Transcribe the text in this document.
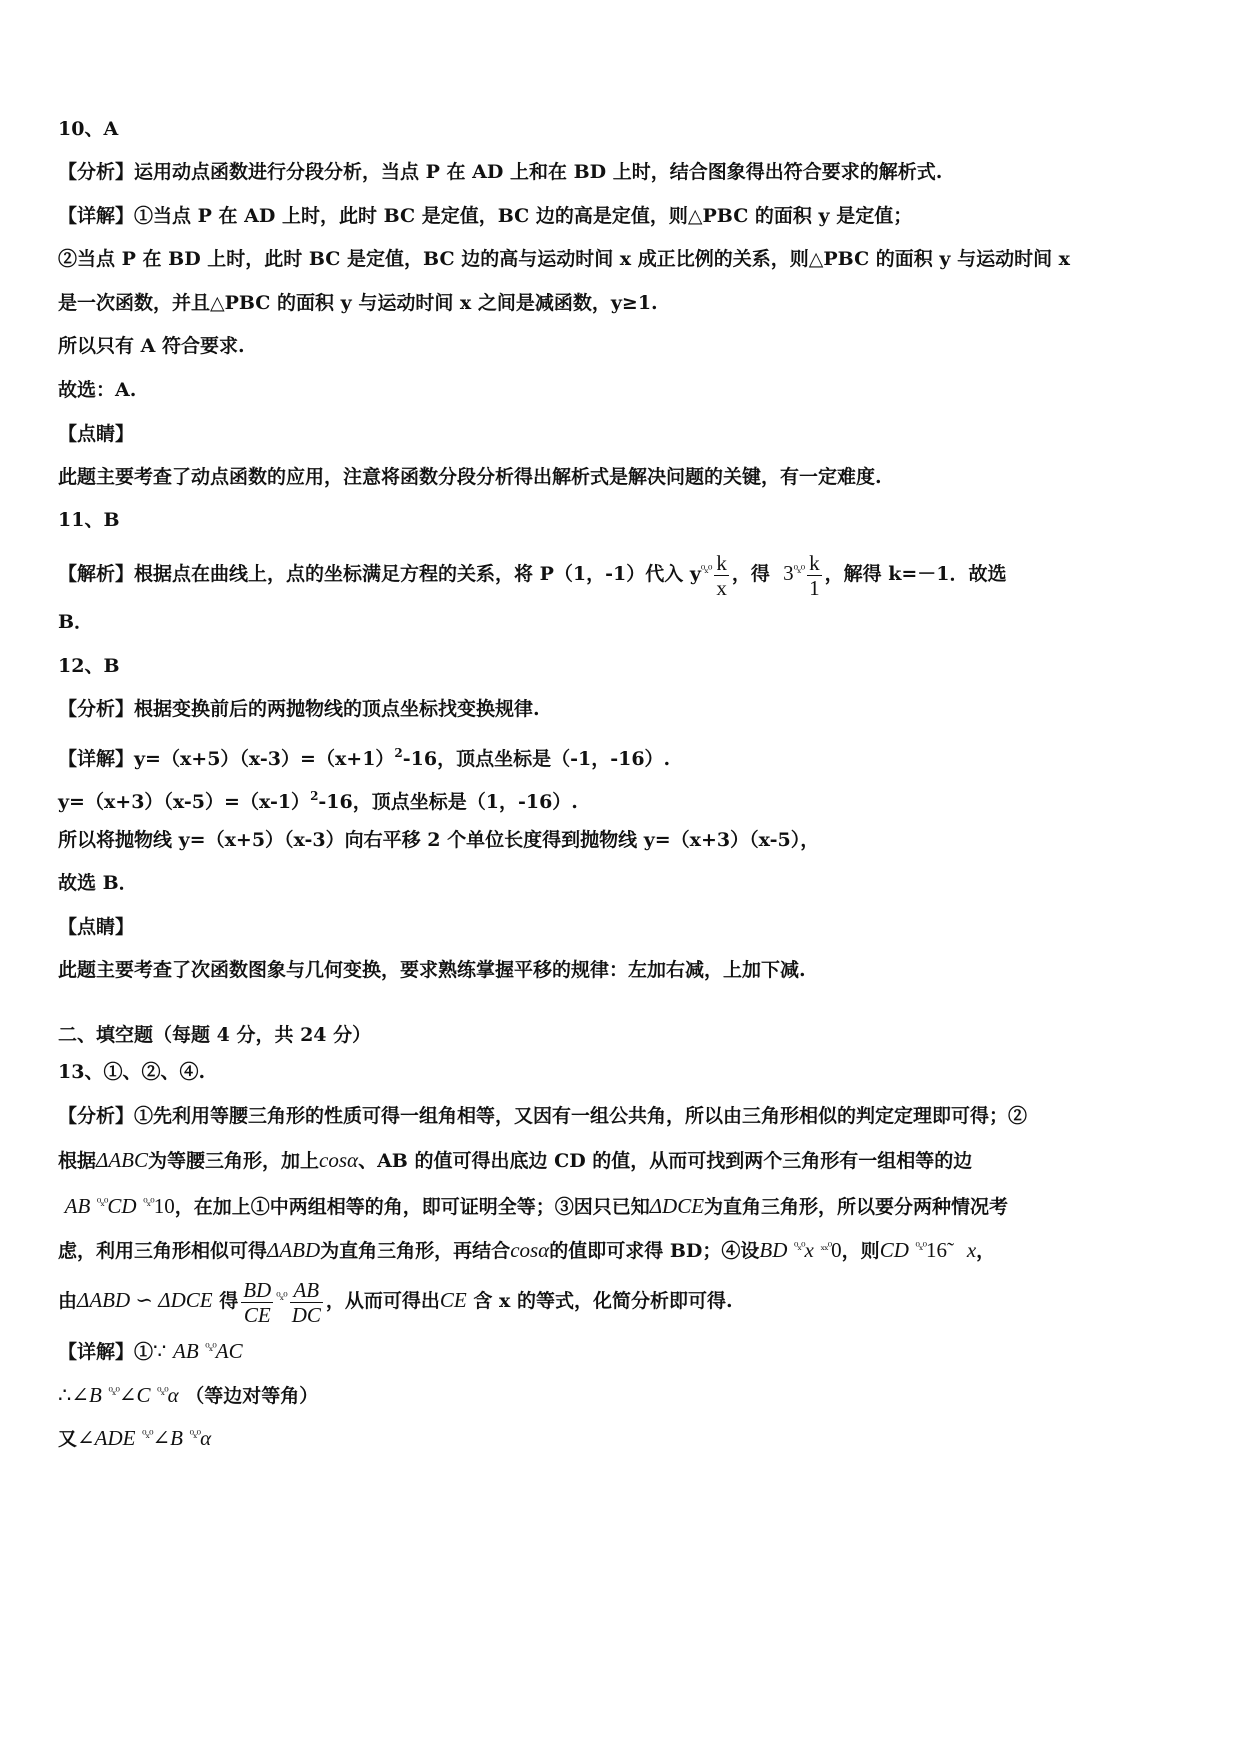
10、A
【分析】运用动点函数进行分段分析，当点 P 在 AD 上和在 BD 上时，结合图象得出符合要求的解析式.
【详解】①当点 P 在 AD 上时，此时 BC 是定值，BC 边的高是定值，则△PBC 的面积 y 是定值；
②当点 P 在 BD 上时，此时 BC 是定值，BC 边的高与运动时间 x 成正比例的关系，则△PBC 的面积 y 与运动时间 x
是一次函数，并且△PBC 的面积 y 与运动时间 x 之间是减函数，y≥1.
所以只有 A 符合要求.
故选：A.
【点睛】
此题主要考查了动点函数的应用，注意将函数分段分析得出解析式是解决问题的关键，有一定难度.
11、B
【解析】根据点在曲线上，点的坐标满足方程的关系，将 P（1，-1）代入 $y^{^0_x^0} \frac{k}{x}$ ，得 $3^{^0_x^0} \frac{k}{1}$ ，解得 k=－1．故选
B．
12、B
【分析】根据变换前后的两抛物线的顶点坐标找变换规律.
【详解】$y=(x+5)(x-3)=(x+1)^2-16$，顶点坐标是（-1，-16）.
$y=(x+3)(x-5)=(x-1)^2-16$，顶点坐标是（1，-16）.
所以将抛物线 y=（x+5）（x-3）向右平移 2 个单位长度得到抛物线 y=（x+3）（x-5），
故选 B．
【点睛】
此题主要考查了次函数图象与几何变换，要求熟练掌握平移的规律：左加右减，上加下减.
二、填空题（每题 4 分，共 24 分）
13、①、②、④.
【分析】①先利用等腰三角形的性质可得一组角相等，又因有一组公共角，所以由三角形相似的判定定理即可得；②
根据ΔABC为等腰三角形，加上cosα、AB 的值可得出底边 CD 的值，从而可找到两个三角形有一组相等的边
AB $^{^0_x^0}$CD $^{^0_x^0}$10，在加上①中两组相等的角，即可证明全等；③因只已知ΔDCE为直角三角形，所以要分两种情况考
虑，利用三角形相似可得ΔABD为直角三角形，再结合cosα的值即可求得 BD；④设BD $^{^0_x^0}$x $^{_{xx}^0}$0，则CD $^{^0_x^0}$16̃ x，
由ΔABD ∽ ΔDCE 得 $\frac{BD}{CE} ^{^0_x^0} \frac{AB}{DC}$ ，从而可得出CE 含 x 的等式，化简分析即可得.
【详解】①∵ AB $^{^0_x^0}$AC
∴∠B $^{^0_x^0}$∠C $^{^0_x^0}$α （等边对等角）
又∠ADE $^{^0_x^0}$∠B $^{^0_x^0}$α
